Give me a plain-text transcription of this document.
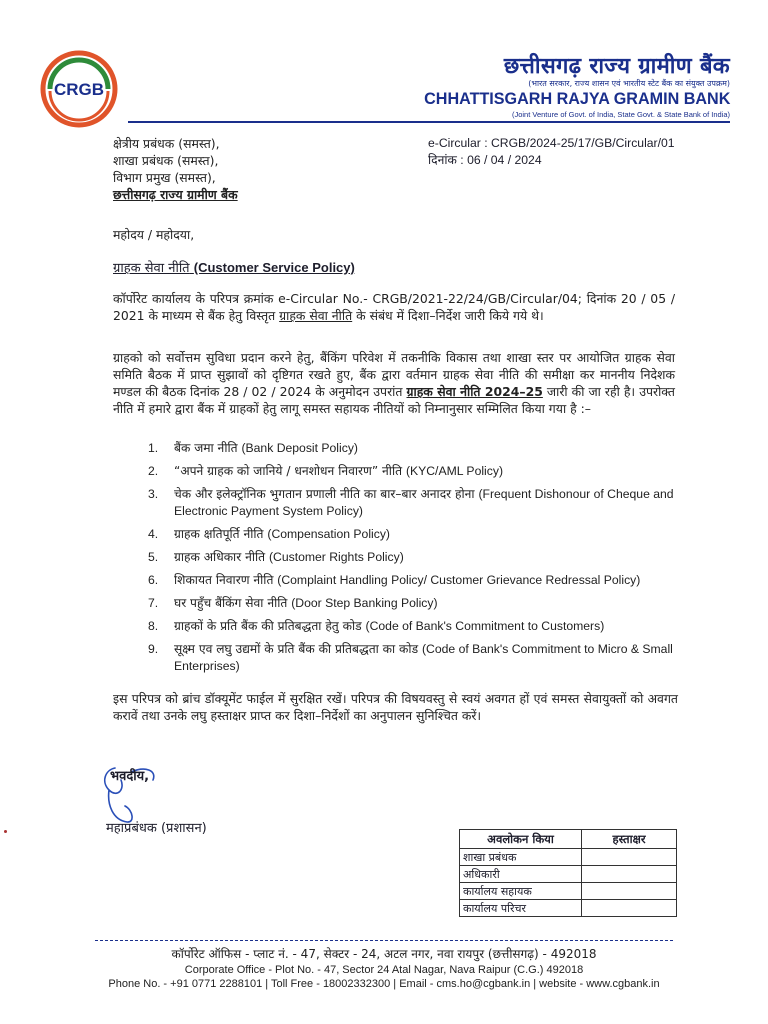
CRGB
छत्तीसगढ़ राज्य ग्रामीण बैंक
(भारत सरकार, राज्य शासन एवं भारतीय स्टेट बैंक का संयुक्त उपक्रम)
CHHATTISGARH RAJYA GRAMIN BANK
(Joint Venture of Govt. of India, State Govt. & State Bank of India)
क्षेत्रीय प्रबंधक (समस्त),
शाखा प्रबंधक (समस्त),
विभाग प्रमुख (समस्त),
छत्तीसगढ़ राज्य ग्रामीण बैंक
e-Circular : CRGB/2024-25/17/GB/Circular/01
दिनांक : 06 / 04 / 2024
महोदय / महोदया,
ग्राहक सेवा नीति (Customer Service Policy)
कॉर्पोरेट कार्यालय के परिपत्र क्रमांक e-Circular No.- CRGB/2021-22/24/GB/Circular/04; दिनांक 20 / 05 / 2021 के माध्यम से बैंक हेतु विस्तृत ग्राहक सेवा नीति के संबंध में दिशा–निर्देश जारी किये गये थे।
ग्राहको को सर्वोत्तम सुविधा प्रदान करने हेतु, बैंकिंग परिवेश में तकनीकि विकास तथा शाखा स्तर पर आयोजित ग्राहक सेवा समिति बैठक में प्राप्त सुझावों को दृष्टिगत रखते हुए, बैंक द्वारा वर्तमान ग्राहक सेवा नीति की समीक्षा कर माननीय निदेशक मण्डल की बैठक दिनांक 28 / 02 / 2024 के अनुमोदन उपरांत ग्राहक सेवा नीति 2024–25 जारी की जा रही है। उपरोक्त नीति में हमारे द्वारा बैंक में ग्राहकों हेतु लागू समस्त सहायक नीतियों को निम्नानुसार सम्मिलित किया गया है :–
1. बैंक जमा नीति (Bank Deposit Policy)
2. “अपने ग्राहक को जानिये / धनशोधन निवारण” नीति (KYC/AML Policy)
3. चेक और इलेक्ट्रॉनिक भुगतान प्रणाली नीति का बार–बार अनादर होना (Frequent Dishonour of Cheque and Electronic Payment System Policy)
4. ग्राहक क्षतिपूर्ति नीति (Compensation Policy)
5. ग्राहक अधिकार नीति (Customer Rights Policy)
6. शिकायत निवारण नीति (Complaint Handling Policy/ Customer Grievance Redressal Policy)
7. घर पहुँच बैंकिंग सेवा नीति (Door Step Banking Policy)
8. ग्राहकों के प्रति बैंक की प्रतिबद्धता हेतु कोड (Code of Bank's Commitment to Customers)
9. सूक्ष्म एव लघु उद्यमों के प्रति बैंक की प्रतिबद्धता का कोड (Code of Bank's Commitment to Micro & Small Enterprises)
इस परिपत्र को ब्रांच डॉक्यूमेंट फाईल में सुरक्षित रखें। परिपत्र की विषयवस्तु से स्वयं अवगत हों एवं समस्त सेवायुक्तों को अवगत करावें तथा उनके लघु हस्ताक्षर प्राप्त कर दिशा–निर्देशों का अनुपालन सुनिश्चित करें।
भवदीय,
महाप्रबंधक (प्रशासन)
अवलोकन किया	हस्ताक्षर
शाखा प्रबंधक	
अधिकारी	
कार्यालय सहायक	
कार्यालय परिचर	
कॉर्पोरेट ऑफिस - प्लाट नं. - 47, सेक्टर - 24, अटल नगर, नवा रायपुर (छत्तीसगढ़) - 492018
Corporate Office - Plot No. - 47, Sector 24 Atal Nagar, Nava Raipur (C.G.) 492018
Phone No. - +91 0771 2288101 | Toll Free - 18002332300 | Email - cms.ho@cgbank.in | website - www.cgbank.in
